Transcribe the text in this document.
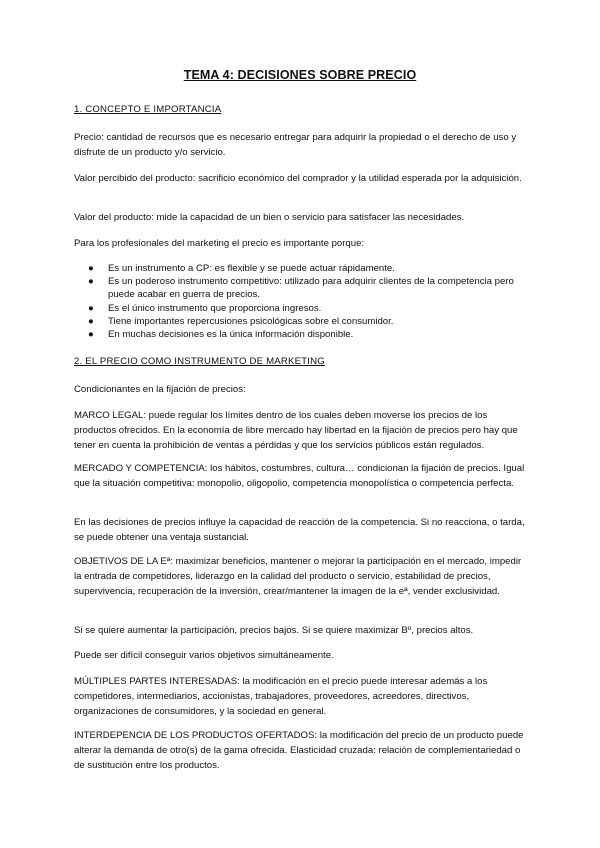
TEMA 4: DECISIONES SOBRE PRECIO
1. CONCEPTO E IMPORTANCIA
Precio: cantidad de recursos que es necesario entregar para adquirir la propiedad o el derecho de uso y disfrute de un producto y/o servicio.
Valor percibido del producto: sacrificio económico del comprador y la utilidad esperada por la adquisición.
Valor del producto: mide la capacidad de un bien o servicio para satisfacer las necesidades.
Para los profesionales del marketing el precio es importante porque:
● Es un instrumento a CP: es flexible y se puede actuar rápidamente.
● Es un poderoso instrumento competitivo: utilizado para adquirir clientes de la competencia pero puede acabar en guerra de precios.
● Es el único instrumento que proporciona ingresos.
● Tiene importantes repercusiones psicológicas sobre el consumidor.
● En muchas decisiones es la única información disponible.
2. EL PRECIO COMO INSTRUMENTO DE MARKETING
Condicionantes en la fijación de precios:
MARCO LEGAL: puede regular los límites dentro de los cuales deben moverse los precios de los productos ofrecidos. En la economía de libre mercado hay libertad en la fijación de precios pero hay que tener en cuenta la prohibición de ventas a pérdidas y que los servicios públicos están regulados.
MERCADO Y COMPETENCIA: los hábitos, costumbres, cultura… condicionan la fijación de precios. Igual que la situación competitiva: monopolio, oligopolio, competencia monopolística o competencia perfecta.
En las decisiones de precios influye la capacidad de reacción de la competencia. Si no reacciona, o tarda, se puede obtener una ventaja sustancial.
OBJETIVOS DE LA Eª: maximizar beneficios, mantener o mejorar la participación en el mercado, impedir la entrada de competidores, liderazgo en la calidad del producto o servicio, estabilidad de precios, supervivencia, recuperación de la inversión, crear/mantener la imagen de la eª, vender exclusividad.
Si se quiere aumentar la participación, precios bajos. Si se quiere maximizar Bº, precios altos.
Puede ser difícil conseguir varios objetivos simultáneamente.
MÚLTIPLES PARTES INTERESADAS: la modificación en el precio puede interesar además a los competidores, intermediarios, accionistas, trabajadores, proveedores, acreedores, directivos, organizaciones de consumidores, y la sociedad en general.
INTERDEPENCIA DE LOS PRODUCTOS OFERTADOS: la modificación del precio de un producto puede alterar la demanda de otro(s) de la gama ofrecida. Elasticidad cruzada: relación de complementariedad o de sustitución entre los productos.
